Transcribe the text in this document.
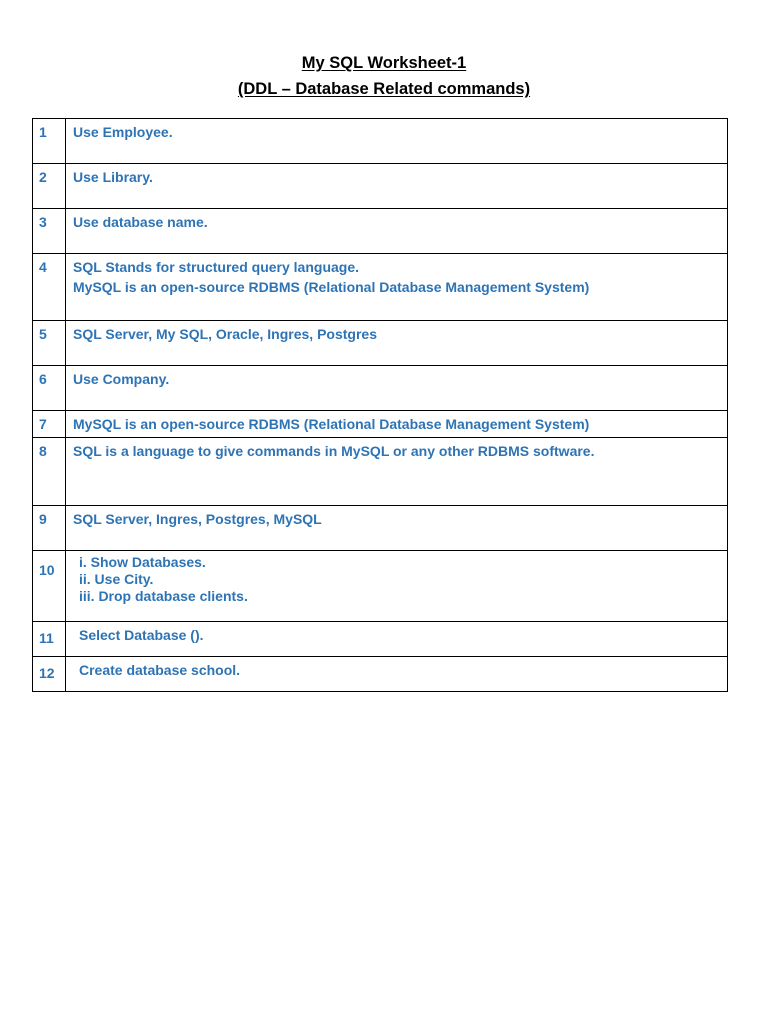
My SQL Worksheet-1
(DDL – Database Related commands)
1	Use Employee.

2	Use Library.

3	Use database name.

4	SQL Stands for structured query language.
MySQL is an open-source RDBMS (Relational Database Management System)

5	SQL Server, My SQL, Oracle, Ingres, Postgres

6	Use Company.

7	MySQL is an open-source RDBMS (Relational Database Management System)

8	SQL is a language to give commands in MySQL or any other RDBMS software.

9	SQL Server, Ingres, Postgres, MySQL

10	i. Show Databases.
ii. Use City.
iii. Drop database clients.

11	Select Database ().

12	Create database school.
